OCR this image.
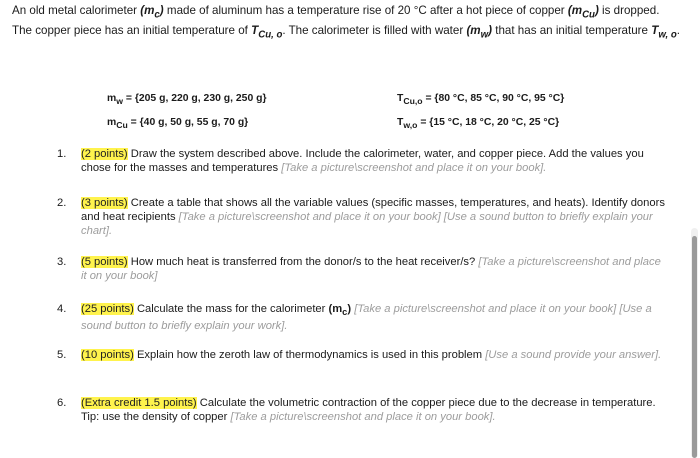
An old metal calorimeter $(m_c)$ made of aluminum has a temperature rise of 20 °C after a hot piece of copper $(m_{Cu})$ is dropped. The copper piece has an initial temperature of $T_{Cu, o}$. The calorimeter is filled with water $(m_w)$ that has an initial temperature $T_{w, o}$.
$m_w = \{205$ g, 220 g, 230 g, 250 g}	$T_{Cu,o} = \{80$ °C, 85 °C, 90 °C, 95 °C}
$m_{Cu} = \{40$ g, 50 g, 55 g, 70 g}	$T_{w,o} = \{15$ °C, 18 °C, 20 °C, 25 °C}
1.	(2 points) Draw the system described above. Include the calorimeter, water, and copper piece. Add the values you chose for the masses and temperatures [Take a picture\screenshot and place it on your book].
2.	(3 points) Create a table that shows all the variable values (specific masses, temperatures, and heats). Identify donors and heat recipients [Take a picture\screenshot and place it on your book] [Use a sound button to briefly explain your chart].
3.	(5 points) How much heat is transferred from the donor/s to the heat receiver/s? [Take a picture\screenshot and place it on your book]
4.	(25 points) Calculate the mass for the calorimeter $(m_c)$ [Take a picture\screenshot and place it on your book] [Use a sound button to briefly explain your work].
5.	(10 points) Explain how the zeroth law of thermodynamics is used in this problem [Use a sound provide your answer].
6.	(Extra credit 1.5 points) Calculate the volumetric contraction of the copper piece due to the decrease in temperature. Tip: use the density of copper [Take a picture\screenshot and place it on your book].
